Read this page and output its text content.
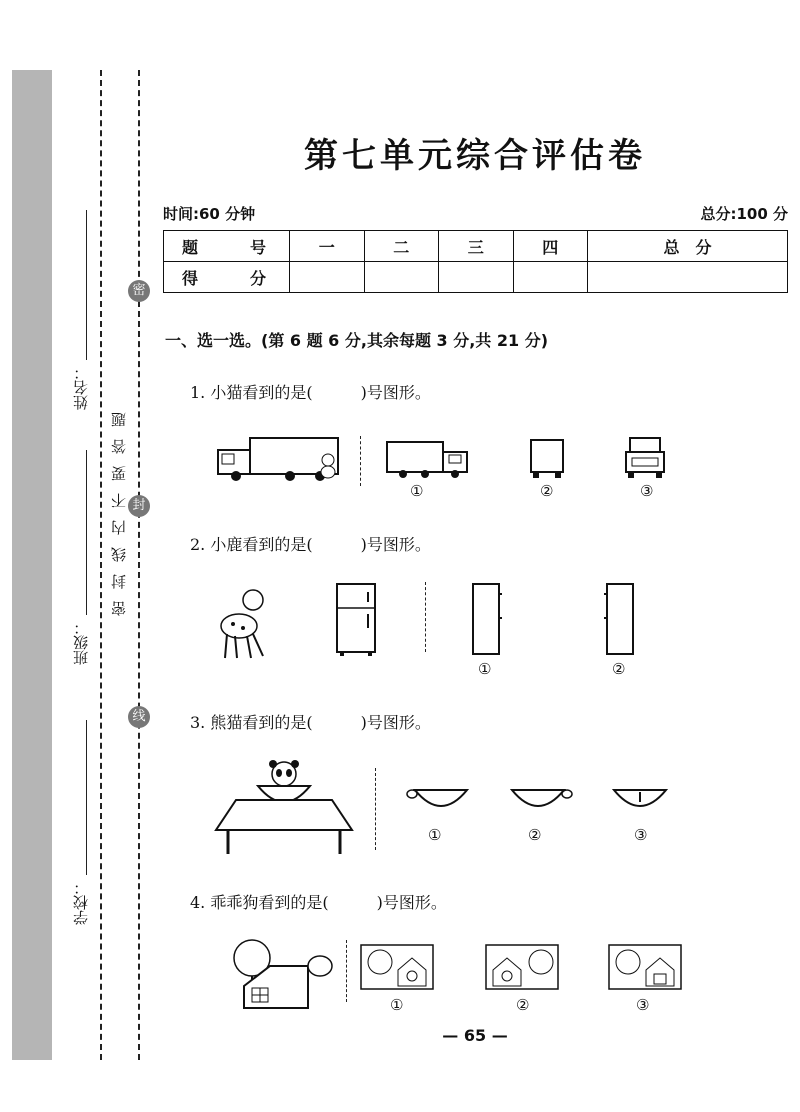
姓名：
班级：
学校：
密
封
线
密封线内不要答题
第七单元综合评估卷
时间:60 分钟	总分:100 分
题　号	一	二	三	四	总　分
得　分					
一、选一选。(第 6 题 6 分,其余每题 3 分,共 21 分)
1. 小猫看到的是(　　　)号图形。
①	②	③
2. 小鹿看到的是(　　　)号图形。
①	②
3. 熊猫看到的是(　　　)号图形。
①	②	③
4. 乖乖狗看到的是(　　　)号图形。
①	②	③
— 65 —
